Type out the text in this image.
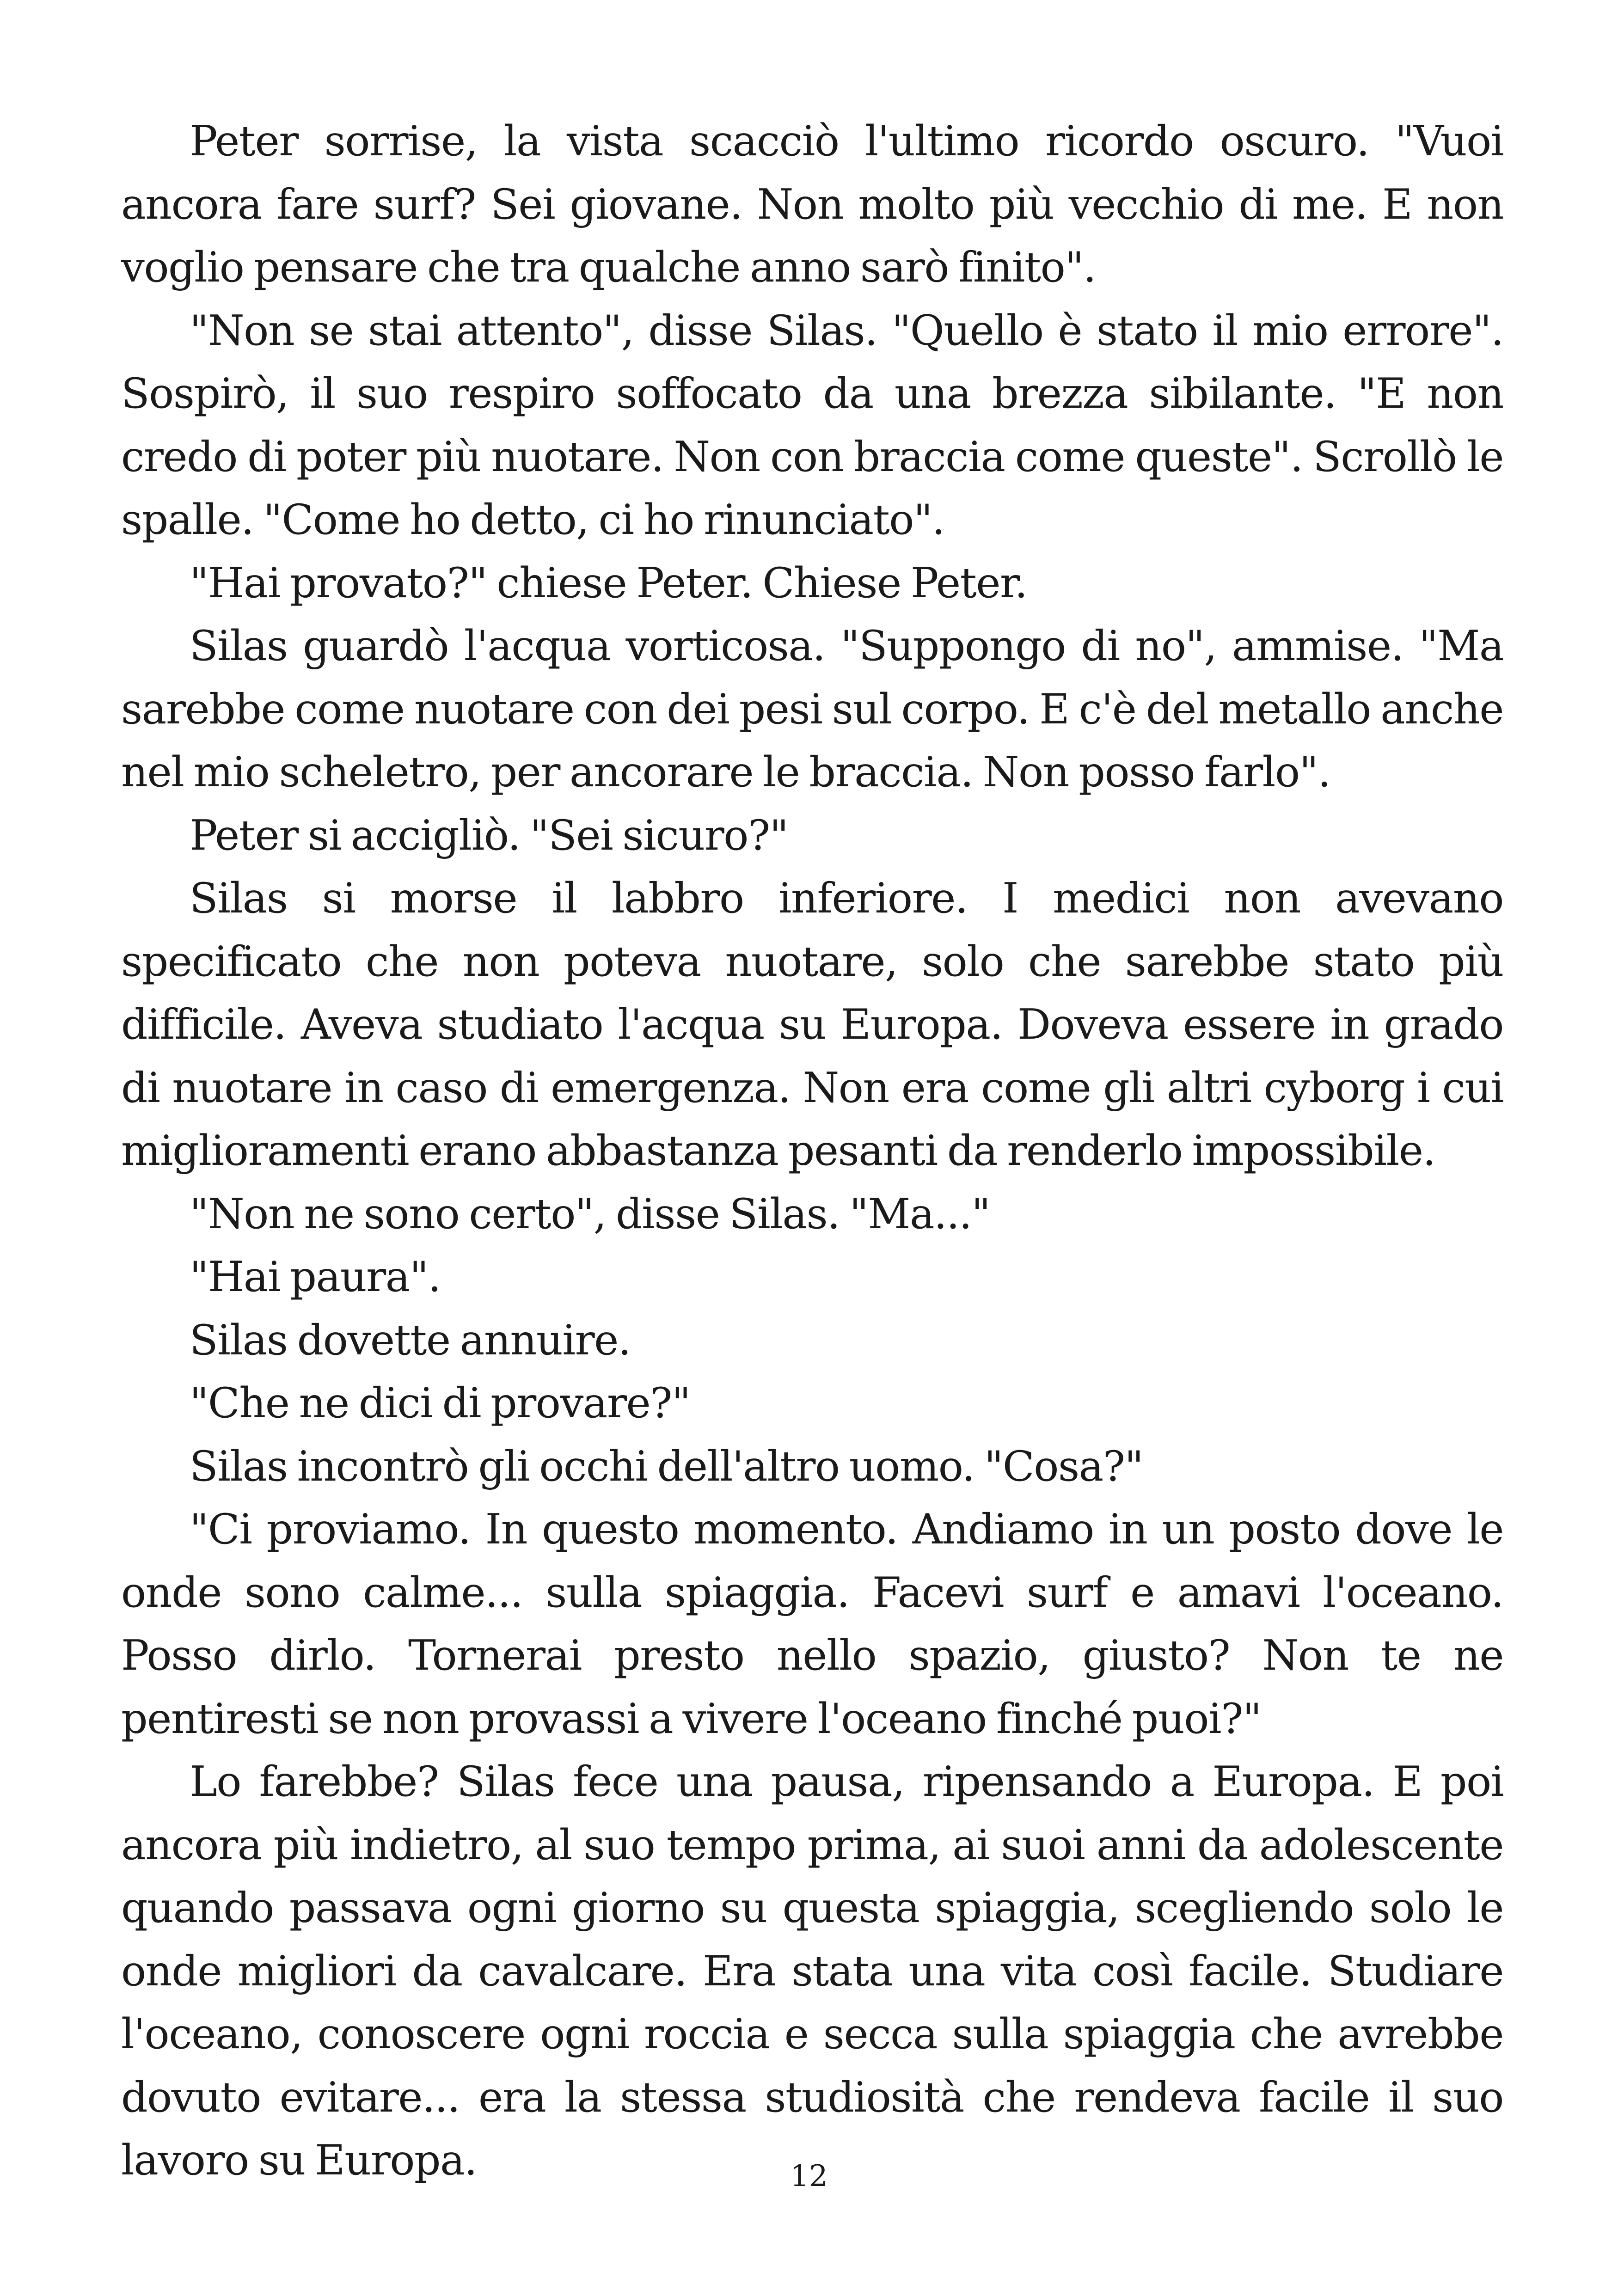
Peter sorrise, la vista scacciò l'ultimo ricordo oscuro. "Vuoi ancora fare surf? Sei giovane. Non molto più vecchio di me. E non voglio pensare che tra qualche anno sarò finito".

"Non se stai attento", disse Silas. "Quello è stato il mio errore". Sospirò, il suo respiro soffocato da una brezza sibilante. "E non credo di poter più nuotare. Non con braccia come queste". Scrollò le spalle. "Come ho detto, ci ho rinunciato".

"Hai provato?" chiese Peter. Chiese Peter.

Silas guardò l'acqua vorticosa. "Suppongo di no", ammise. "Ma sarebbe come nuotare con dei pesi sul corpo. E c'è del metallo anche nel mio scheletro, per ancorare le braccia. Non posso farlo".

Peter si accigliò. "Sei sicuro?"

Silas si morse il labbro inferiore. I medici non avevano specificato che non poteva nuotare, solo che sarebbe stato più difficile. Aveva studiato l'acqua su Europa. Doveva essere in grado di nuotare in caso di emergenza. Non era come gli altri cyborg i cui miglioramenti erano abbastanza pesanti da renderlo impossibile.

"Non ne sono certo", disse Silas. "Ma..."

"Hai paura".

Silas dovette annuire.

"Che ne dici di provare?"

Silas incontrò gli occhi dell'altro uomo. "Cosa?"

"Ci proviamo. In questo momento. Andiamo in un posto dove le onde sono calme... sulla spiaggia. Facevi surf e amavi l'oceano. Posso dirlo. Tornerai presto nello spazio, giusto? Non te ne pentiresti se non provassi a vivere l'oceano finché puoi?"

Lo farebbe? Silas fece una pausa, ripensando a Europa. E poi ancora più indietro, al suo tempo prima, ai suoi anni da adolescente quando passava ogni giorno su questa spiaggia, scegliendo solo le onde migliori da cavalcare. Era stata una vita così facile. Studiare l'oceano, conoscere ogni roccia e secca sulla spiaggia che avrebbe dovuto evitare... era la stessa studiosità che rendeva facile il suo lavoro su Europa.	12
